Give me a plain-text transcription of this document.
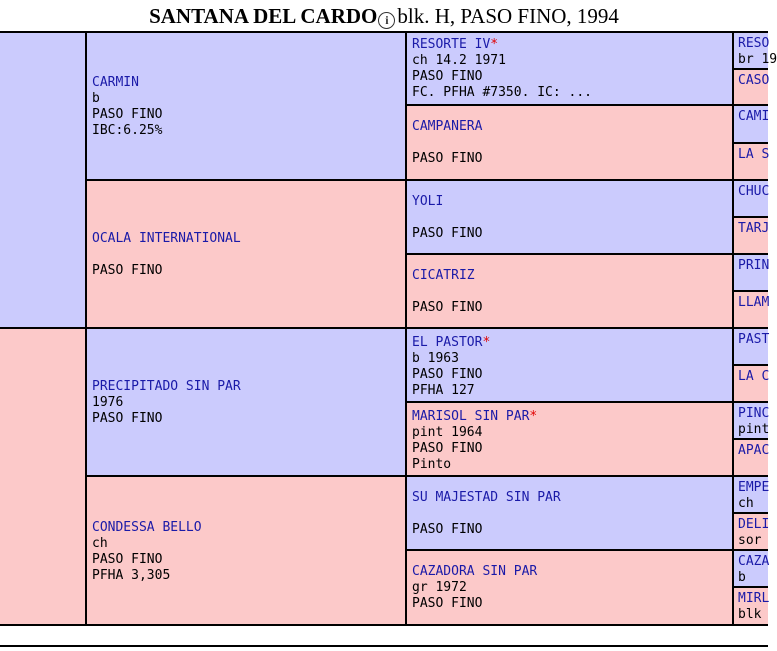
SANTANA DEL CARDO i blk. H, PASO FINO, 1994
CARMIN
b
PASO FINO
IBC:6.25%
OCALA INTERNATIONAL
PASO FINO
PRECIPITADO SIN PAR
1976
PASO FINO
CONDESSA BELLO
ch
PASO FINO
PFHA 3,305
RESORTE IV*
ch 14.2 1971
PASO FINO
FC. PFHA #7350. IC: ...
CAMPANERA
PASO FINO
YOLI
PASO FINO
CICATRIZ
PASO FINO
EL PASTOR*
b 1963
PASO FINO
PFHA 127
MARISOL SIN PAR*
pint 1964
PASO FINO
Pinto
SU MAJESTAD SIN PAR
PASO FINO
CAZADORA SIN PAR
gr 1972
PASO FINO
RESO
br 19
CASO
CAMI
LA S
CHUC
TARJ
PRIN
LLAM
PAST
LA C
PINC
pint
APAC
EMPE
ch
DELI
sor
CAZA
b
MIRL
blk
